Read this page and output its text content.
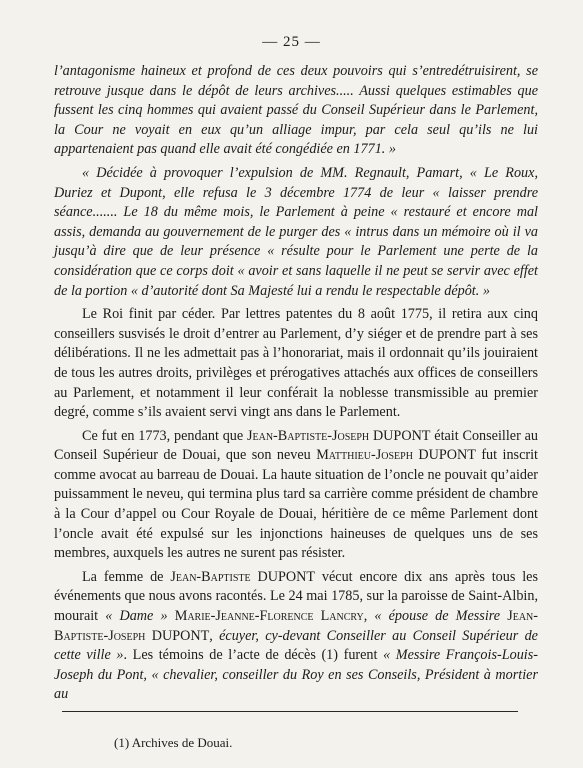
— 25 —

l’antagonisme haineux et profond de ces deux pouvoirs qui s’entredétruisirent, se retrouve jusque dans le dépôt de leurs archives..... Aussi quelques estimables que fussent les cinq hommes qui avaient passé du Conseil Supérieur dans le Parlement, la Cour ne voyait en eux qu’un alliage impur, par cela seul qu’ils ne lui appartenaient pas quand elle avait été congédiée en 1771. »

« Décidée à provoquer l’expulsion de MM. Regnault, Pamart, « Le Roux, Duriez et Dupont, elle refusa le 3 décembre 1774 de leur « laisser prendre séance....... Le 18 du même mois, le Parlement à peine « restauré et encore mal assis, demanda au gouvernement de le purger des « intrus dans un mémoire où il va jusqu’à dire que de leur présence « résulte pour le Parlement une perte de la considération que ce corps doit « avoir et sans laquelle il ne peut se servir avec effet de la portion « d’autorité dont Sa Majesté lui a rendu le respectable dépôt. »

Le Roi finit par céder. Par lettres patentes du 8 août 1775, il retira aux cinq conseillers susvisés le droit d’entrer au Parlement, d’y siéger et de prendre part à ses délibérations. Il ne les admettait pas à l’honorariat, mais il ordonnait qu’ils jouiraient de tous les autres droits, privilèges et prérogatives attachés aux offices de conseillers au Parlement, et notamment il leur conférait la noblesse transmissible au premier degré, comme s’ils avaient servi vingt ans dans le Parlement.

Ce fut en 1773, pendant que Jean-Baptiste-Joseph DUPONT était Conseiller au Conseil Supérieur de Douai, que son neveu Matthieu-Joseph DUPONT fut inscrit comme avocat au barreau de Douai. La haute situation de l’oncle ne pouvait qu’aider puissamment le neveu, qui termina plus tard sa carrière comme président de chambre à la Cour d’appel ou Cour Royale de Douai, héritière de ce même Parlement dont l’oncle avait été expulsé sur les injonctions haineuses de quelques uns de ses membres, auxquels les autres ne surent pas résister.

La femme de Jean-Baptiste DUPONT vécut encore dix ans après tous les événements que nous avons racontés. Le 24 mai 1785, sur la paroisse de Saint-Albin, mourait « Dame » Marie-Jeanne-Florence Lancry, « épouse de Messire Jean-Baptiste-Joseph DUPONT, écuyer, cy-devant Conseiller au Conseil Supérieur de cette ville ». Les témoins de l’acte de décès (1) furent « Messire François-Louis-Joseph du Pont, « chevalier, conseiller du Roy en ses Conseils, Président à mortier au

(1) Archives de Douai.
